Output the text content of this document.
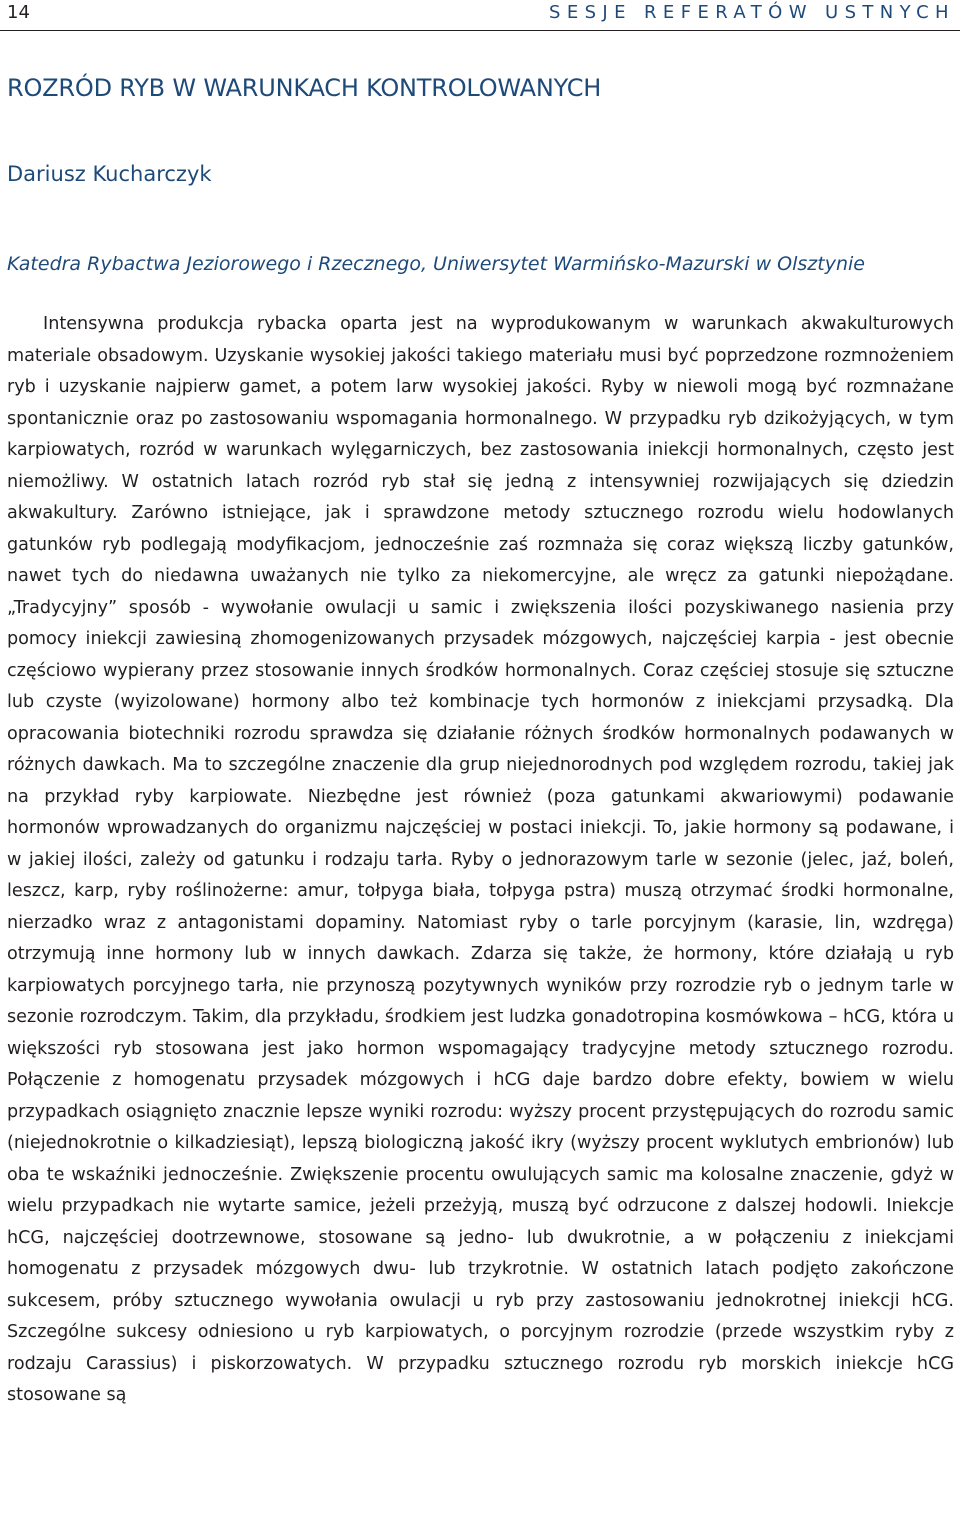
14	SESJE REFERATÓW USTNYCH
ROZRÓD RYB W WARUNKACH KONTROLOWANYCH

Dariusz Kucharczyk

Katedra Rybactwa Jeziorowego i Rzecznego, Uniwersytet Warmińsko-Mazurski w Olsztynie

Intensywna produkcja rybacka oparta jest na wyprodukowanym w warunkach akwakulturowych materiale obsadowym. Uzyskanie wysokiej jakości takiego materiału musi być poprzedzone rozmnożeniem ryb i uzyskanie najpierw gamet, a potem larw wysokiej jakości. Ryby w niewoli mogą być rozmnażane spontanicznie oraz po zastosowaniu wspomagania hormonalnego. W przypadku ryb dzikożyjących, w tym karpiowatych, rozród w warunkach wylęgarniczych, bez zastosowania iniekcji hormonalnych, często jest niemożliwy. W ostatnich latach rozród ryb stał się jedną z intensywniej rozwijających się dziedzin akwakultury. Zarówno istniejące, jak i sprawdzone metody sztucznego rozrodu wielu hodowlanych gatunków ryb podlegają modyfikacjom, jednocześnie zaś rozmnaża się coraz większą liczby gatunków, nawet tych do niedawna uważanych nie tylko za niekomercyjne, ale wręcz za gatunki niepożądane. „Tradycyjny” sposób - wywołanie owulacji u samic i zwiększenia ilości pozyskiwanego nasienia przy pomocy iniekcji zawiesiną zhomogenizowanych przysadek mózgowych, najczęściej karpia - jest obecnie częściowo wypierany przez stosowanie innych środków hormonalnych. Coraz częściej stosuje się sztuczne lub czyste (wyizolowane) hormony albo też kombinacje tych hormonów z iniekcjami przysadką. Dla opracowania biotechniki rozrodu sprawdza się działanie różnych środków hormonalnych podawanych w różnych dawkach. Ma to szczególne znaczenie dla grup niejednorodnych pod względem rozrodu, takiej jak na przykład ryby karpiowate. Niezbędne jest również (poza gatunkami akwariowymi) podawanie hormonów wprowadzanych do organizmu najczęściej w postaci iniekcji. To, jakie hormony są podawane, i w jakiej ilości, zależy od gatunku i rodzaju tarła. Ryby o jednorazowym tarle w sezonie (jelec, jaź, boleń, leszcz, karp, ryby roślinożerne: amur, tołpyga biała, tołpyga pstra) muszą otrzymać środki hormonalne, nierzadko wraz z antagonistami dopaminy. Natomiast ryby o tarle porcyjnym (karasie, lin, wzdręga) otrzymują inne hormony lub w innych dawkach. Zdarza się także, że hormony, które działają u ryb karpiowatych porcyjnego tarła, nie przynoszą pozytywnych wyników przy rozrodzie ryb o jednym tarle w sezonie rozrodczym. Takim, dla przykładu, środkiem jest ludzka gonadotropina kosmówkowa – hCG, która u większości ryb stosowana jest jako hormon wspomagający tradycyjne metody sztucznego rozrodu. Połączenie z homogenatu przysadek mózgowych i hCG daje bardzo dobre efekty, bowiem w wielu przypadkach osiągnięto znacznie lepsze wyniki rozrodu: wyższy procent przystępujących do rozrodu samic (niejednokrotnie o kilkadziesiąt), lepszą biologiczną jakość ikry (wyższy procent wyklutych embrionów) lub oba te wskaźniki jednocześnie. Zwiększenie procentu owulujących samic ma kolosalne znaczenie, gdyż w wielu przypadkach nie wytarte samice, jeżeli przeżyją, muszą być odrzucone z dalszej hodowli. Iniekcje hCG, najczęściej dootrzewnowe, stosowane są jedno- lub dwukrotnie, a w połączeniu z iniekcjami homogenatu z przysadek mózgowych dwu- lub trzykrotnie. W ostatnich latach podjęto zakończone sukcesem, próby sztucznego wywołania owulacji u ryb przy zastosowaniu jednokrotnej iniekcji hCG. Szczególne sukcesy odniesiono u ryb karpiowatych, o porcyjnym rozrodzie (przede wszystkim ryby z rodzaju Carassius) i piskorzowatych. W przypadku sztucznego rozrodu ryb morskich iniekcje hCG stosowane są
